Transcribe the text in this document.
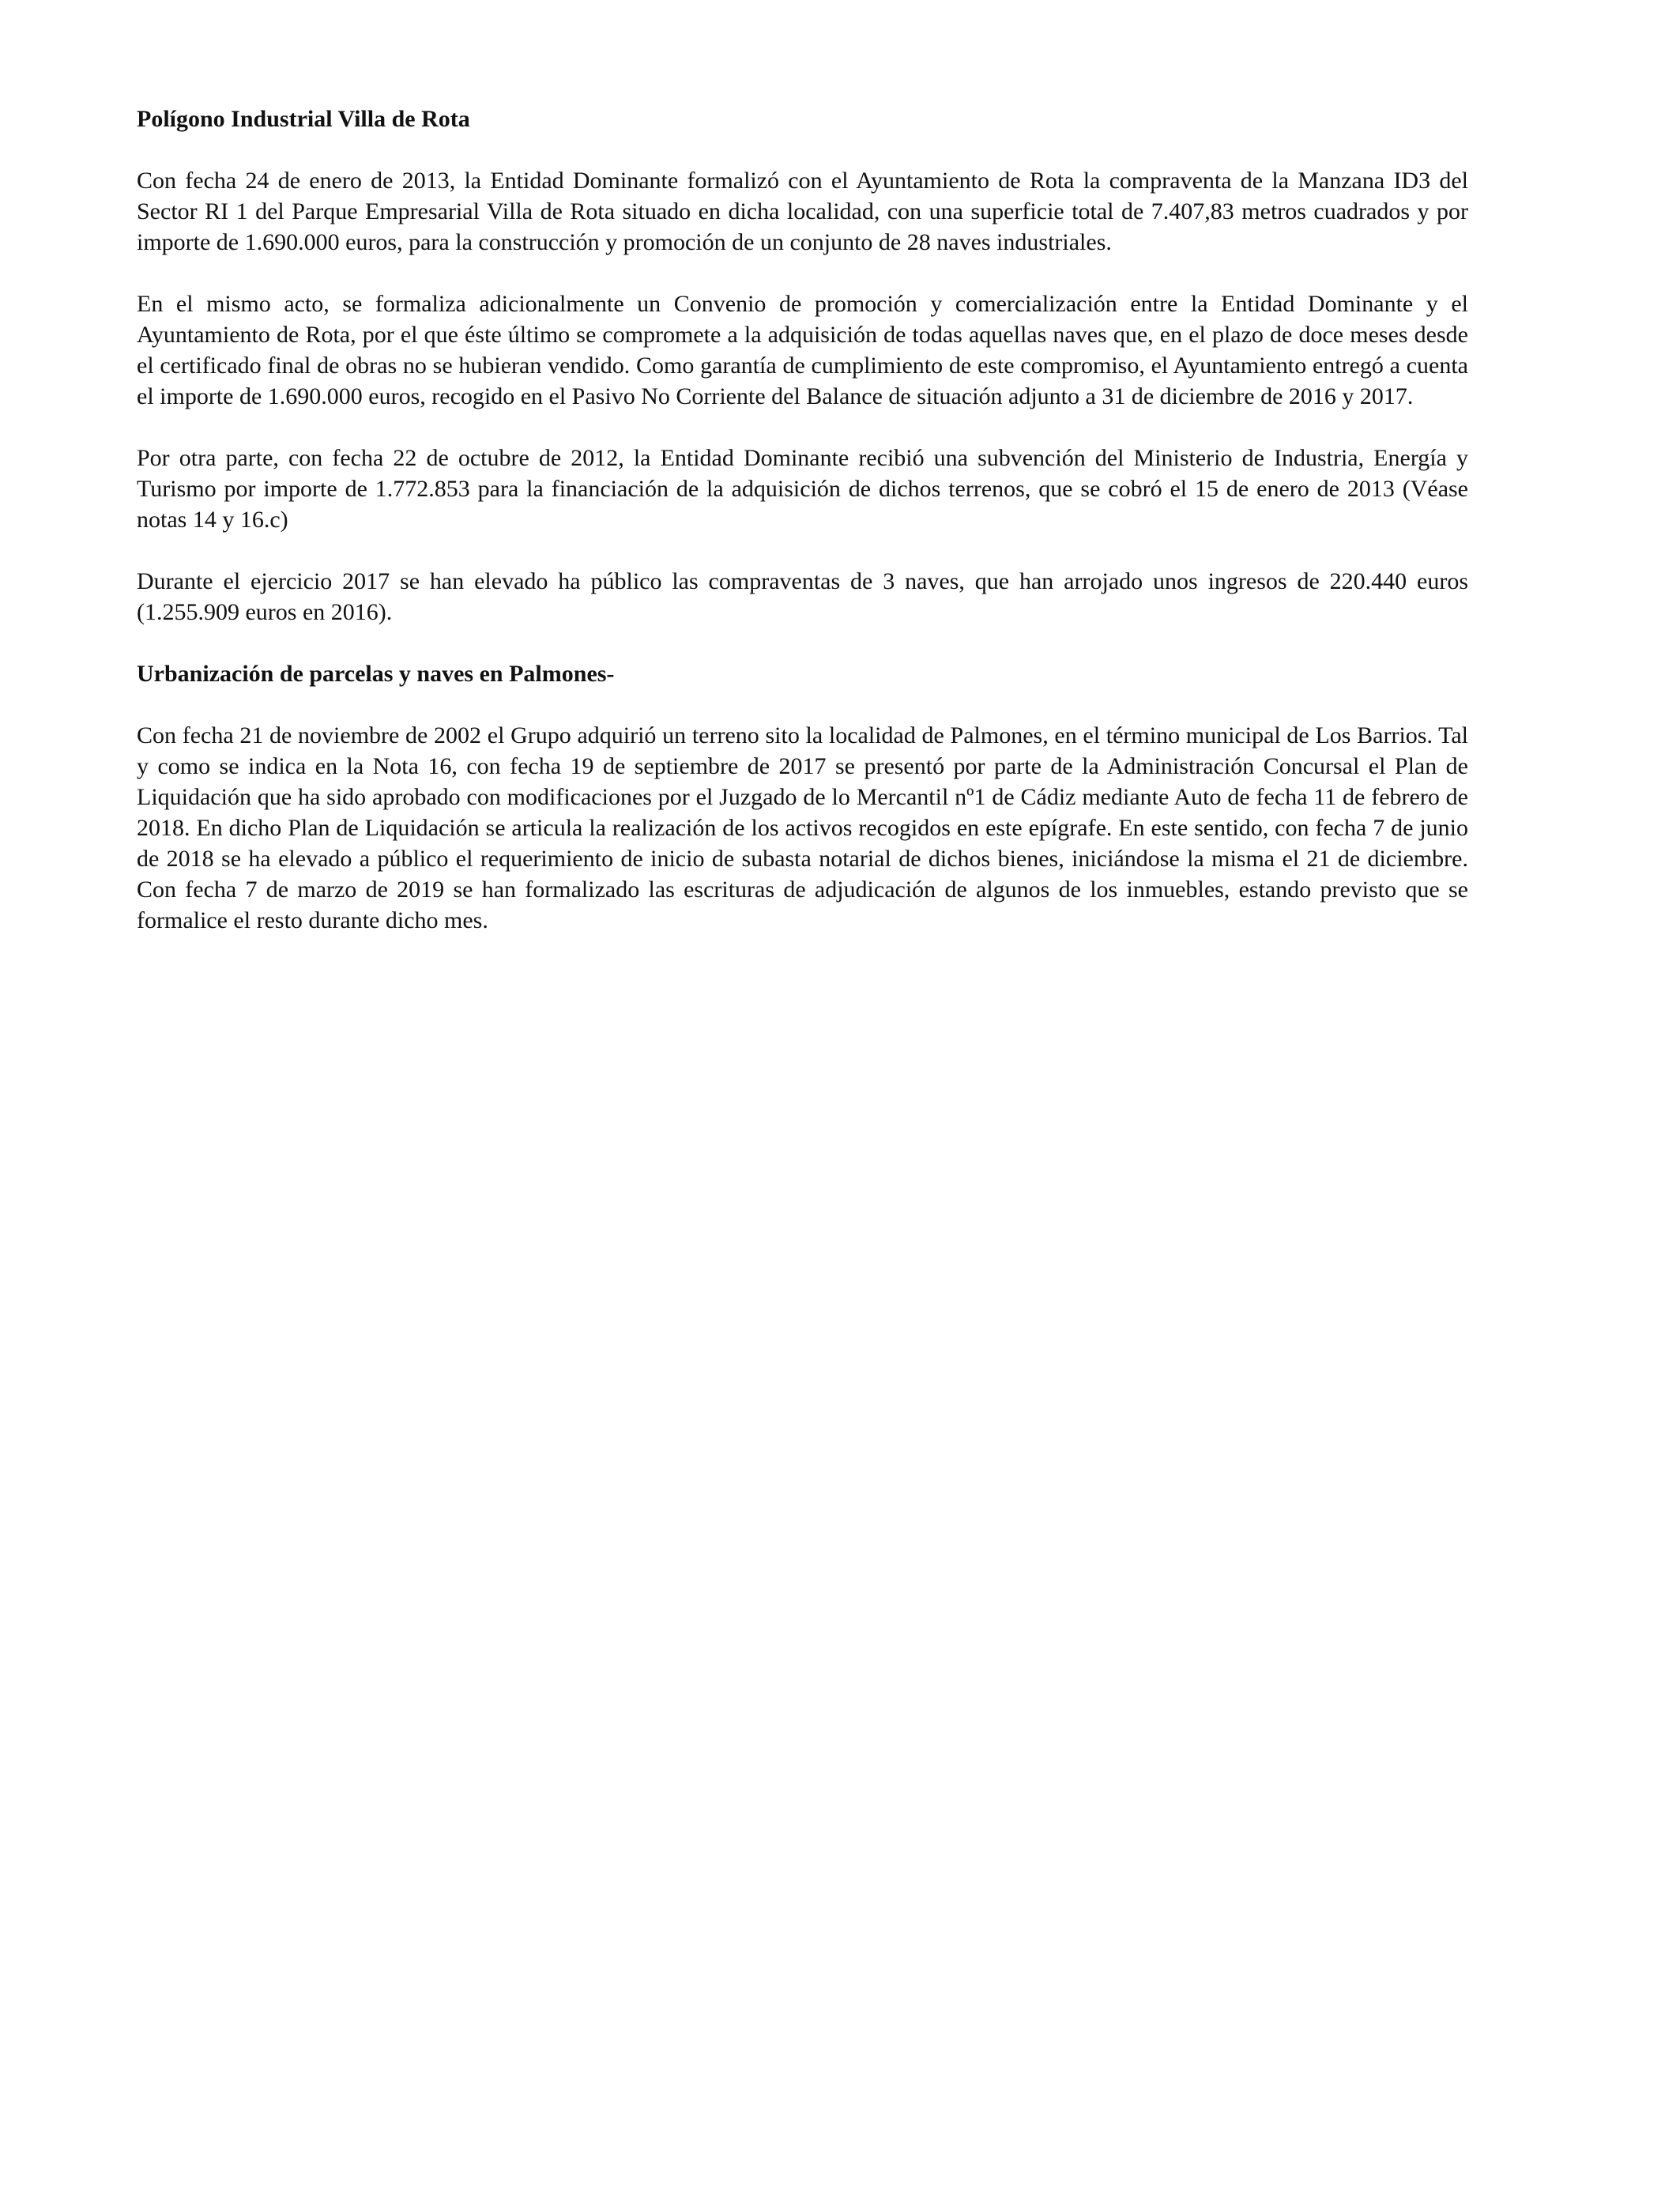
Polígono Industrial Villa de Rota

Con fecha 24 de enero de 2013, la Entidad Dominante formalizó con el Ayuntamiento de Rota la compraventa de la Manzana ID3 del Sector RI 1 del Parque Empresarial Villa de Rota situado en dicha localidad, con una superficie total de 7.407,83 metros cuadrados y por importe de 1.690.000 euros, para la construcción y promoción de un conjunto de 28 naves industriales.

En el mismo acto, se formaliza adicionalmente un Convenio de promoción y comercialización entre la Entidad Dominante y el Ayuntamiento de Rota, por el que éste último se compromete a la adquisición de todas aquellas naves que, en el plazo de doce meses desde el certificado final de obras no se hubieran vendido. Como garantía de cumplimiento de este compromiso, el Ayuntamiento entregó a cuenta el importe de 1.690.000 euros, recogido en el Pasivo No Corriente del Balance de situación adjunto a 31 de diciembre de 2016 y 2017.

Por otra parte, con fecha 22 de octubre de 2012, la Entidad Dominante recibió una subvención del Ministerio de Industria, Energía y Turismo por importe de 1.772.853 para la financiación de la adquisición de dichos terrenos, que se cobró el 15 de enero de 2013 (Véase notas 14 y 16.c)

Durante el ejercicio 2017 se han elevado ha público las compraventas de 3 naves, que han arrojado unos ingresos de 220.440 euros (1.255.909 euros en 2016).

Urbanización de parcelas y naves en Palmones-

Con fecha 21 de noviembre de 2002 el Grupo adquirió un terreno sito la localidad de Palmones, en el término municipal de Los Barrios. Tal y como se indica en la Nota 16, con fecha 19 de septiembre de 2017 se presentó por parte de la Administración Concursal el Plan de Liquidación que ha sido aprobado con modificaciones por el Juzgado de lo Mercantil nº1 de Cádiz mediante Auto de fecha 11 de febrero de 2018. En dicho Plan de Liquidación se articula la realización de los activos recogidos en este epígrafe. En este sentido, con fecha 7 de junio de 2018 se ha elevado a público el requerimiento de inicio de subasta notarial de dichos bienes, iniciándose la misma el 21 de diciembre. Con fecha 7 de marzo de 2019 se han formalizado las escrituras de adjudicación de algunos de los inmuebles, estando previsto que se formalice el resto durante dicho mes.
